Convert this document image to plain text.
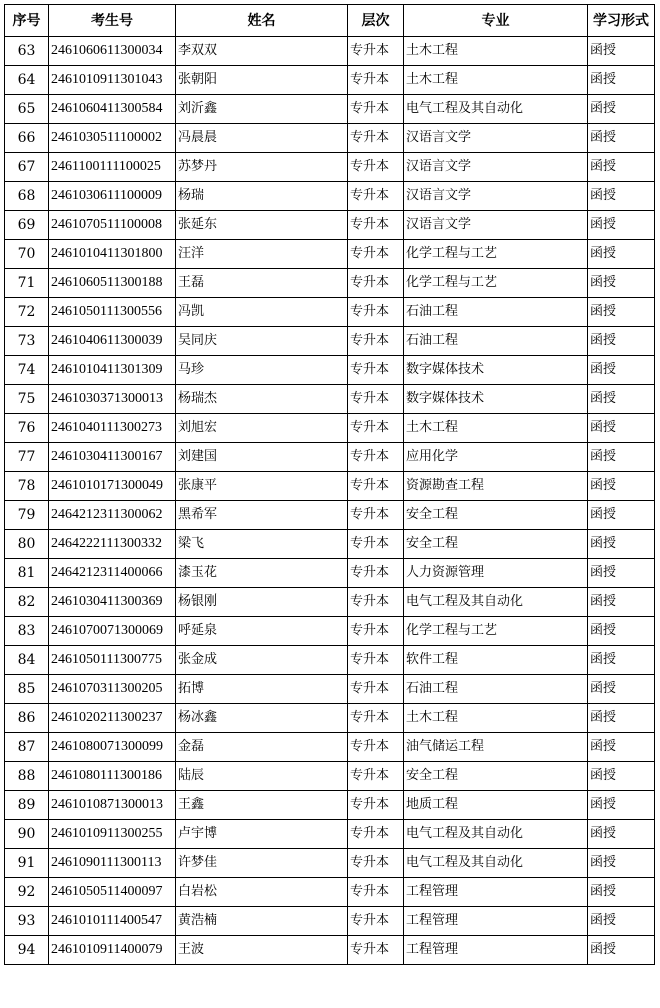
序号	考生号	姓名	层次	专业	学习形式
63	2461060611300034	李双双	专升本	土木工程	函授
64	2461010911301043	张朝阳	专升本	土木工程	函授
65	2461060411300584	刘沂鑫	专升本	电气工程及其自动化	函授
66	2461030511100002	冯晨晨	专升本	汉语言文学	函授
67	2461100111100025	苏梦丹	专升本	汉语言文学	函授
68	2461030611100009	杨瑞	专升本	汉语言文学	函授
69	2461070511100008	张延东	专升本	汉语言文学	函授
70	2461010411301800	汪洋	专升本	化学工程与工艺	函授
71	2461060511300188	王磊	专升本	化学工程与工艺	函授
72	2461050111300556	冯凯	专升本	石油工程	函授
73	2461040611300039	吴同庆	专升本	石油工程	函授
74	2461010411301309	马珍	专升本	数字媒体技术	函授
75	2461030371300013	杨瑞杰	专升本	数字媒体技术	函授
76	2461040111300273	刘旭宏	专升本	土木工程	函授
77	2461030411300167	刘建国	专升本	应用化学	函授
78	2461010171300049	张康平	专升本	资源勘查工程	函授
79	2464212311300062	黑希军	专升本	安全工程	函授
80	2464222111300332	梁飞	专升本	安全工程	函授
81	2464212311400066	漆玉花	专升本	人力资源管理	函授
82	2461030411300369	杨银刚	专升本	电气工程及其自动化	函授
83	2461070071300069	呼延泉	专升本	化学工程与工艺	函授
84	2461050111300775	张金成	专升本	软件工程	函授
85	2461070311300205	拓博	专升本	石油工程	函授
86	2461020211300237	杨冰鑫	专升本	土木工程	函授
87	2461080071300099	金磊	专升本	油气储运工程	函授
88	2461080111300186	陆辰	专升本	安全工程	函授
89	2461010871300013	王鑫	专升本	地质工程	函授
90	2461010911300255	卢宇博	专升本	电气工程及其自动化	函授
91	2461090111300113	许梦佳	专升本	电气工程及其自动化	函授
92	2461050511400097	白岩松	专升本	工程管理	函授
93	2461010111400547	黄浩楠	专升本	工程管理	函授
94	2461010911400079	王波	专升本	工程管理	函授
